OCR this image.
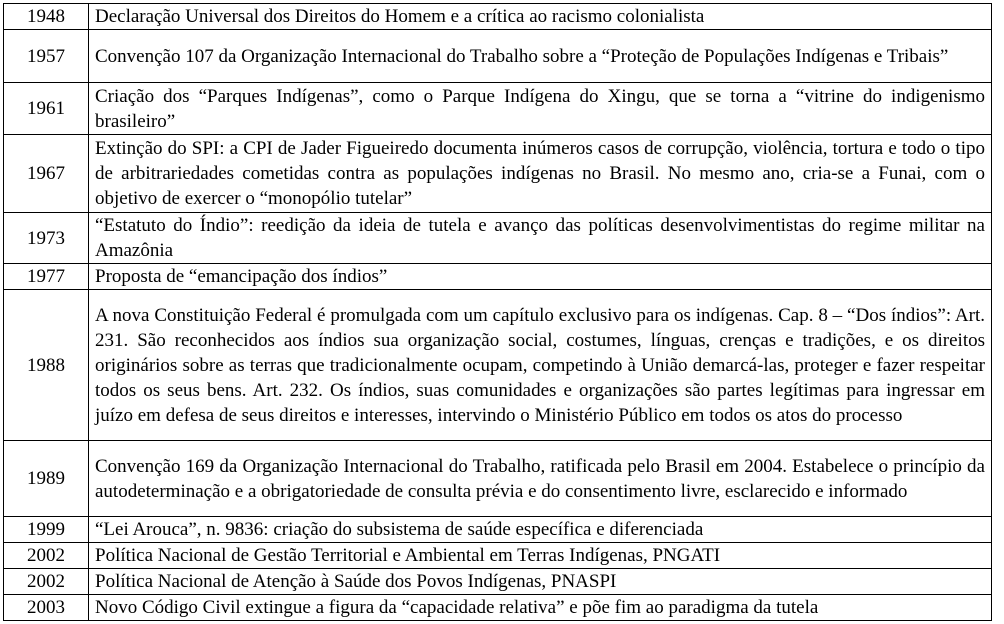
1948	Declaração Universal dos Direitos do Homem e a crítica ao racismo colonialista
1957	Convenção 107 da Organização Internacional do Trabalho sobre a “Proteção de Populações Indígenas e Tribais”
1961	Criação dos “Parques Indígenas”, como o Parque Indígena do Xingu, que se torna a “vitrine do indigenismo brasileiro”
1967	Extinção do SPI: a CPI de Jader Figueiredo documenta inúmeros casos de corrupção, violência, tortura e todo o tipo de arbitrariedades cometidas contra as populações indígenas no Brasil. No mesmo ano, cria-se a Funai, com o objetivo de exercer o “monopólio tutelar”
1973	“Estatuto do Índio”: reedição da ideia de tutela e avanço das políticas desenvolvimentistas do regime militar na Amazônia
1977	Proposta de “emancipação dos índios”
1988	A nova Constituição Federal é promulgada com um capítulo exclusivo para os indígenas. Cap. 8 – “Dos índios”: Art. 231. São reconhecidos aos índios sua organização social, costumes, línguas, crenças e tradições, e os direitos originários sobre as terras que tradicionalmente ocupam, competindo à União demarcá-las, proteger e fazer respeitar todos os seus bens. Art. 232. Os índios, suas comunidades e organizações são partes legítimas para ingressar em juízo em defesa de seus direitos e interesses, intervindo o Ministério Público em todos os atos do processo
1989	Convenção 169 da Organização Internacional do Trabalho, ratificada pelo Brasil em 2004. Estabelece o princípio da autodeterminação e a obrigatoriedade de consulta prévia e do consentimento livre, esclarecido e informado
1999	“Lei Arouca”, n. 9836: criação do subsistema de saúde específica e diferenciada
2002	Política Nacional de Gestão Territorial e Ambiental em Terras Indígenas, PNGATI
2002	Política Nacional de Atenção à Saúde dos Povos Indígenas, PNASPI
2003	Novo Código Civil extingue a figura da “capacidade relativa” e põe fim ao paradigma da tutela
